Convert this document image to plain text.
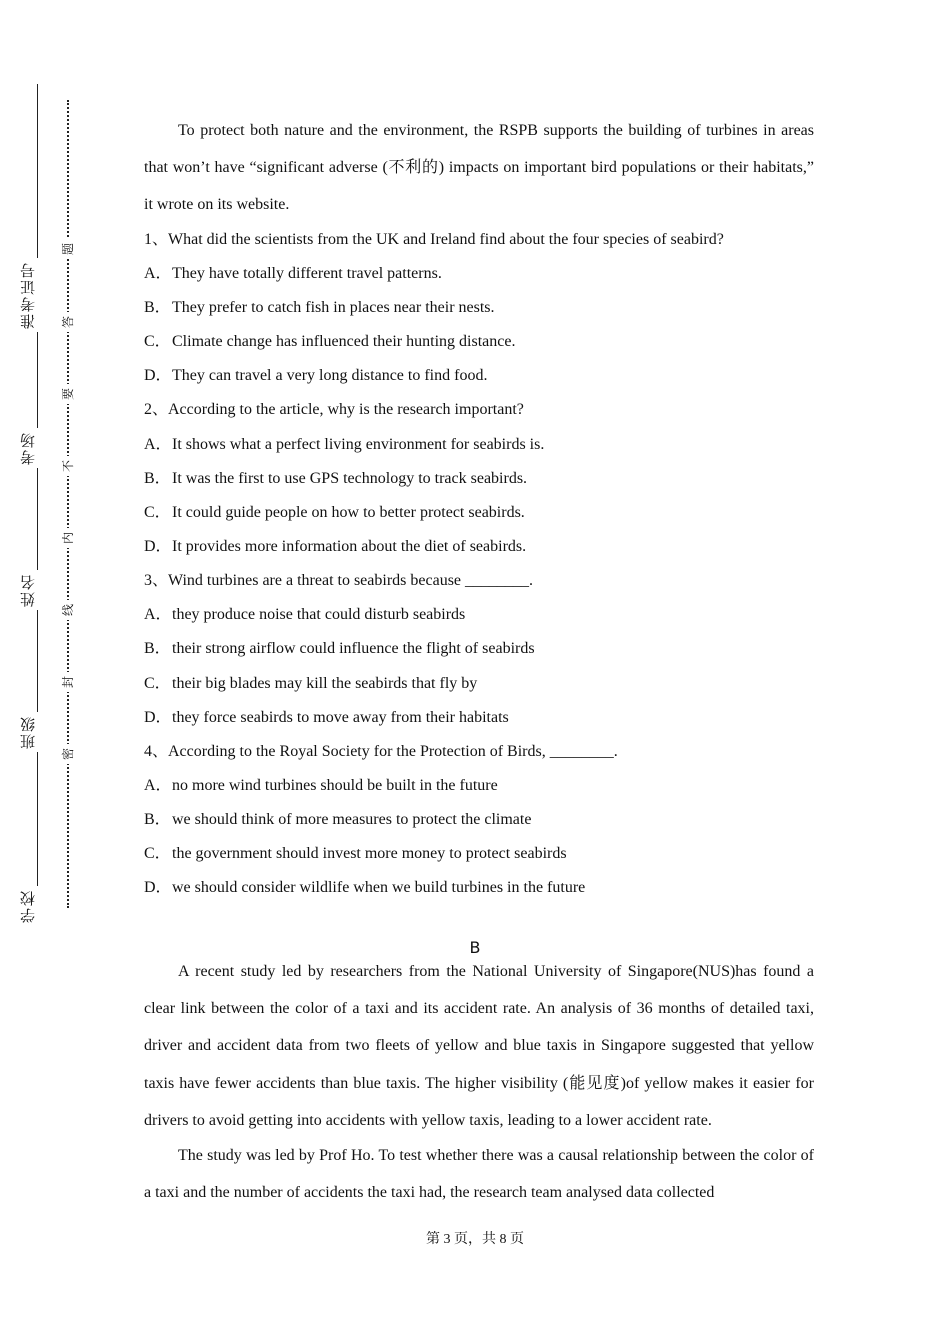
准考证号
考场
姓名
班级
学校
题
答
要
不
内
线
封
密

To protect both nature and the environment, the RSPB supports the building of turbines in areas that won’t have “significant adverse (不利的) impacts on important bird populations or their habitats,” it wrote on its website.

1、What did the scientists from the UK and Ireland find about the four species of seabird?
A．They have totally different travel patterns.
B．They prefer to catch fish in places near their nests.
C．Climate change has influenced their hunting distance.
D．They can travel a very long distance to find food.
2、According to the article, why is the research important?
A．It shows what a perfect living environment for seabirds is.
B．It was the first to use GPS technology to track seabirds.
C．It could guide people on how to better protect seabirds.
D．It provides more information about the diet of seabirds.
3、Wind turbines are a threat to seabirds because ________.
A．they produce noise that could disturb seabirds
B．their strong airflow could influence the flight of seabirds
C．their big blades may kill the seabirds that fly by
D．they force seabirds to move away from their habitats
4、According to the Royal Society for the Protection of Birds, ________.
A．no more wind turbines should be built in the future
B．we should think of more measures to protect the climate
C．the government should invest more money to protect seabirds
D．we should consider wildlife when we build turbines in the future
B

A recent study led by researchers from the National University of Singapore(NUS)has found a clear link between the color of a taxi and its accident rate. An analysis of 36 months of detailed taxi, driver and accident data from two fleets of yellow and blue taxis in Singapore suggested that yellow taxis have fewer accidents than blue taxis. The higher visibility (能见度)of yellow makes it easier for drivers to avoid getting into accidents with yellow taxis, leading to a lower accident rate.

The study was led by Prof Ho. To test whether there was a causal relationship between the color of a taxi and the number of accidents the taxi had, the research team analysed data collected

第 3 页，共 8 页
